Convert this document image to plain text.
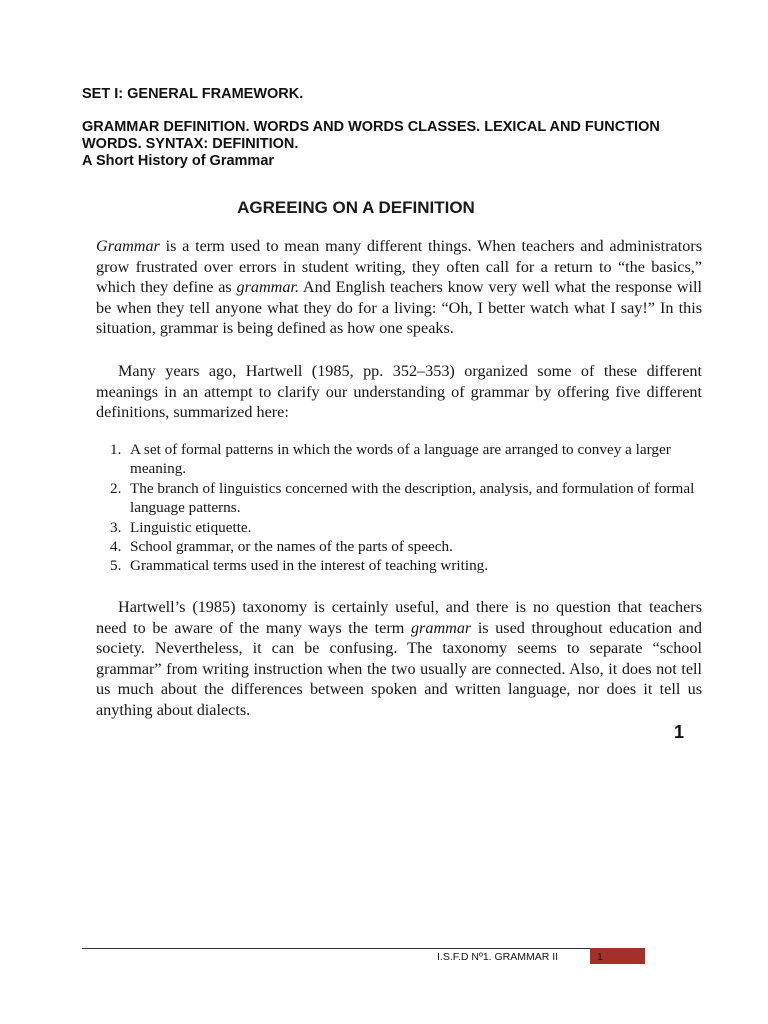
SET I: GENERAL FRAMEWORK.
GRAMMAR DEFINITION. WORDS AND WORDS CLASSES. LEXICAL AND FUNCTION WORDS. SYNTAX: DEFINITION.
A Short History of Grammar
AGREEING ON A DEFINITION

Grammar is a term used to mean many different things. When teachers and administrators grow frustrated over errors in student writing, they often call for a return to “the basics,” which they define as grammar. And English teachers know very well what the response will be when they tell anyone what they do for a living: “Oh, I better watch what I say!” In this situation, grammar is being defined as how one speaks.

Many years ago, Hartwell (1985, pp. 352–353) organized some of these different meanings in an attempt to clarify our understanding of grammar by offering five different definitions, summarized here:

1. A set of formal patterns in which the words of a language are arranged to convey a larger meaning.
2. The branch of linguistics concerned with the description, analysis, and formulation of formal language patterns.
3. Linguistic etiquette.
4. School grammar, or the names of the parts of speech.
5. Grammatical terms used in the interest of teaching writing.

Hartwell’s (1985) taxonomy is certainly useful, and there is no question that teachers need to be aware of the many ways the term grammar is used throughout education and society. Nevertheless, it can be confusing. The taxonomy seems to separate “school grammar” from writing instruction when the two usually are connected. Also, it does not tell us much about the differences between spoken and written language, nor does it tell us anything about dialects.

1
I.S.F.D Nº1. GRAMMAR II	1
